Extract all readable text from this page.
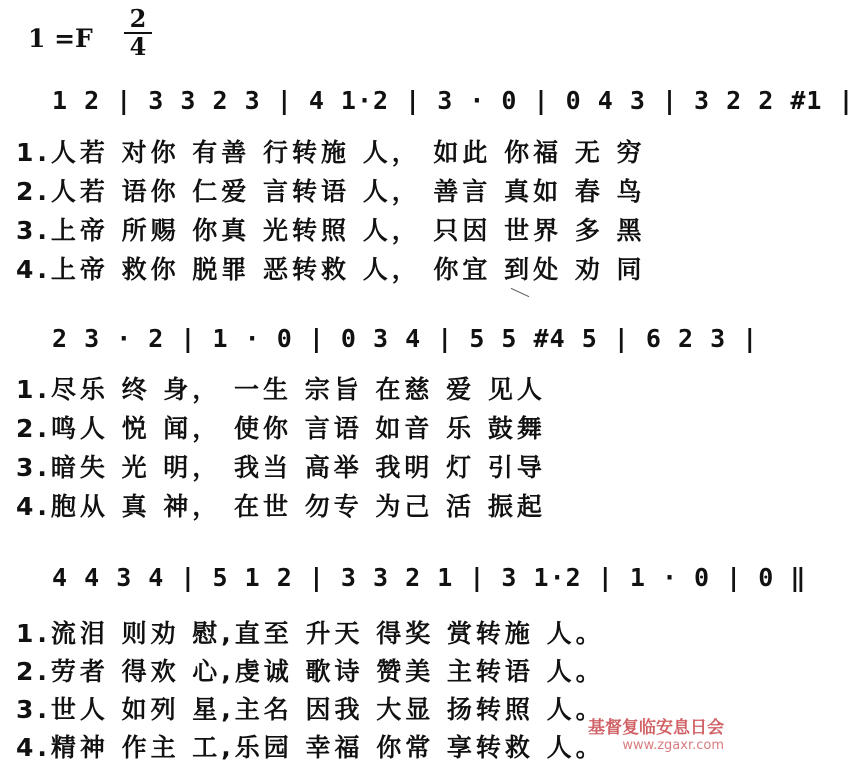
$1 =F \frac{2}{4}$
1 2 | 3 3 2 3 | 4 1·2 | 3 · 0 | 0 4 3 | 3 2 2 #1 |
1.人若 对你 有善 行转施 人， 如此 你福 无 穷
2.人若 语你 仁爱 言转语 人， 善言 真如 春 鸟
3.上帝 所赐 你真 光转照 人， 只因 世界 多 黑
4.上帝 救你 脱罪 恶转救 人， 你宜 到处 劝 同
2 3 · 2 | 1 · 0 | 0 3 4 | 5 5 #4 5 | 6 2 3 |
1.尽乐 终 身， 一生 宗旨 在慈 爱 见人
2.鸣人 悦 闻， 使你 言语 如音 乐 鼓舞
3.暗失 光 明， 我当 高举 我明 灯 引导
4.胞从 真 神， 在世 勿专 为己 活 振起
4 4 3 4 | 5 1 2 | 3 3 2 1 | 3 1·2 | 1 · 0 | 0 ‖
1.流泪 则劝 慰,直至 升天 得奖 赏转施 人。
2.劳者 得欢 心,虔诚 歌诗 赞美 主转语 人。
3.世人 如列 星,主名 因我 大显 扬转照 人。
4.精神 作主 工,乐园 幸福 你常 享转救 人。
基督复临安息日会
www.zgaxr.com
